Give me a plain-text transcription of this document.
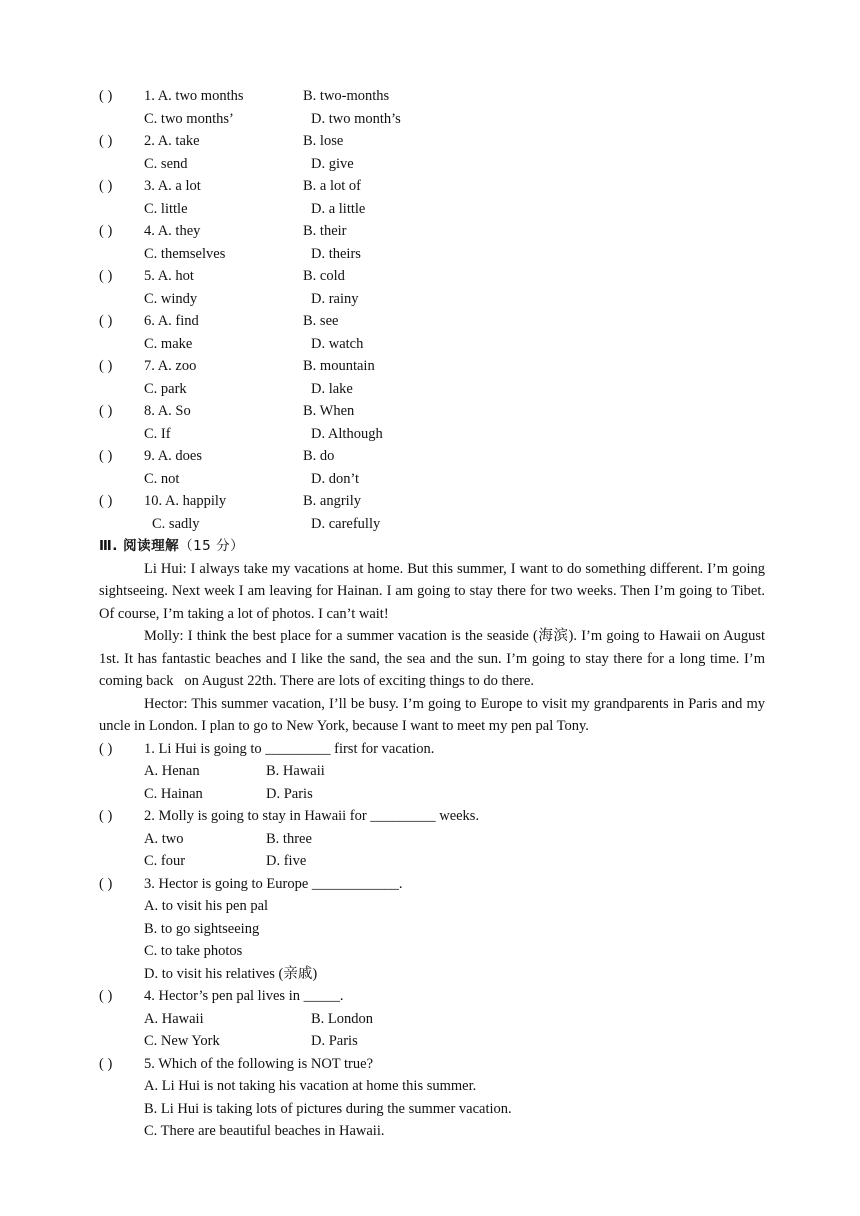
( )	1. A. two months	B. two-months
C. two months’	D. two month’s
( )	2. A. take	B. lose
C. send	D. give
( )	3. A. a lot	B. a lot of
C. little	D. a little
( )	4. A. they	B. their
C. themselves	D. theirs
( )	5. A. hot	B. cold
C. windy	D. rainy
( )	6. A. find	B. see
C. make	D. watch
( )	7. A. zoo	B. mountain
C. park	D. lake
( )	8. A. So	B. When
C. If	D. Although
( )	9. A. does	B. do
C. not	D. don’t
( )	10. A. happily	B. angrily
C. sadly	D. carefully
Ⅲ. 阅读理解（15 分）

Li Hui: I always take my vacations at home. But this summer, I want to do something different. I’m going sightseeing. Next week I am leaving for Hainan. I am going to stay there for two weeks. Then I’m going to Tibet. Of course, I’m taking a lot of photos. I can’t wait!

Molly: I think the best place for a summer vacation is the seaside (海滨). I’m going to Hawaii on August 1st. It has fantastic beaches and I like the sand, the sea and the sun. I’m going to stay there for a long time. I’m coming back   on August 22th. There are lots of exciting things to do there.

Hector: This summer vacation, I’ll be busy. I’m going to Europe to visit my grandparents in Paris and my uncle in London. I plan to go to New York, because I want to meet my pen pal Tony.

( )	1. Li Hui is going to _________ first for vacation.
A. Henan	B. Hawaii
C. Hainan	D. Paris
( )	2. Molly is going to stay in Hawaii for _________ weeks.
A. two	B. three
C. four	D. five
( )	3. Hector is going to Europe ____________.
A. to visit his pen pal
B. to go sightseeing
C. to take photos
D. to visit his relatives (亲戚)
( )	4. Hector’s pen pal lives in _____.
A. Hawaii	B. London
C. New York	D. Paris
( )	5. Which of the following is NOT true?
A. Li Hui is not taking his vacation at home this summer.
B. Li Hui is taking lots of pictures during the summer vacation.
C. There are beautiful beaches in Hawaii.
